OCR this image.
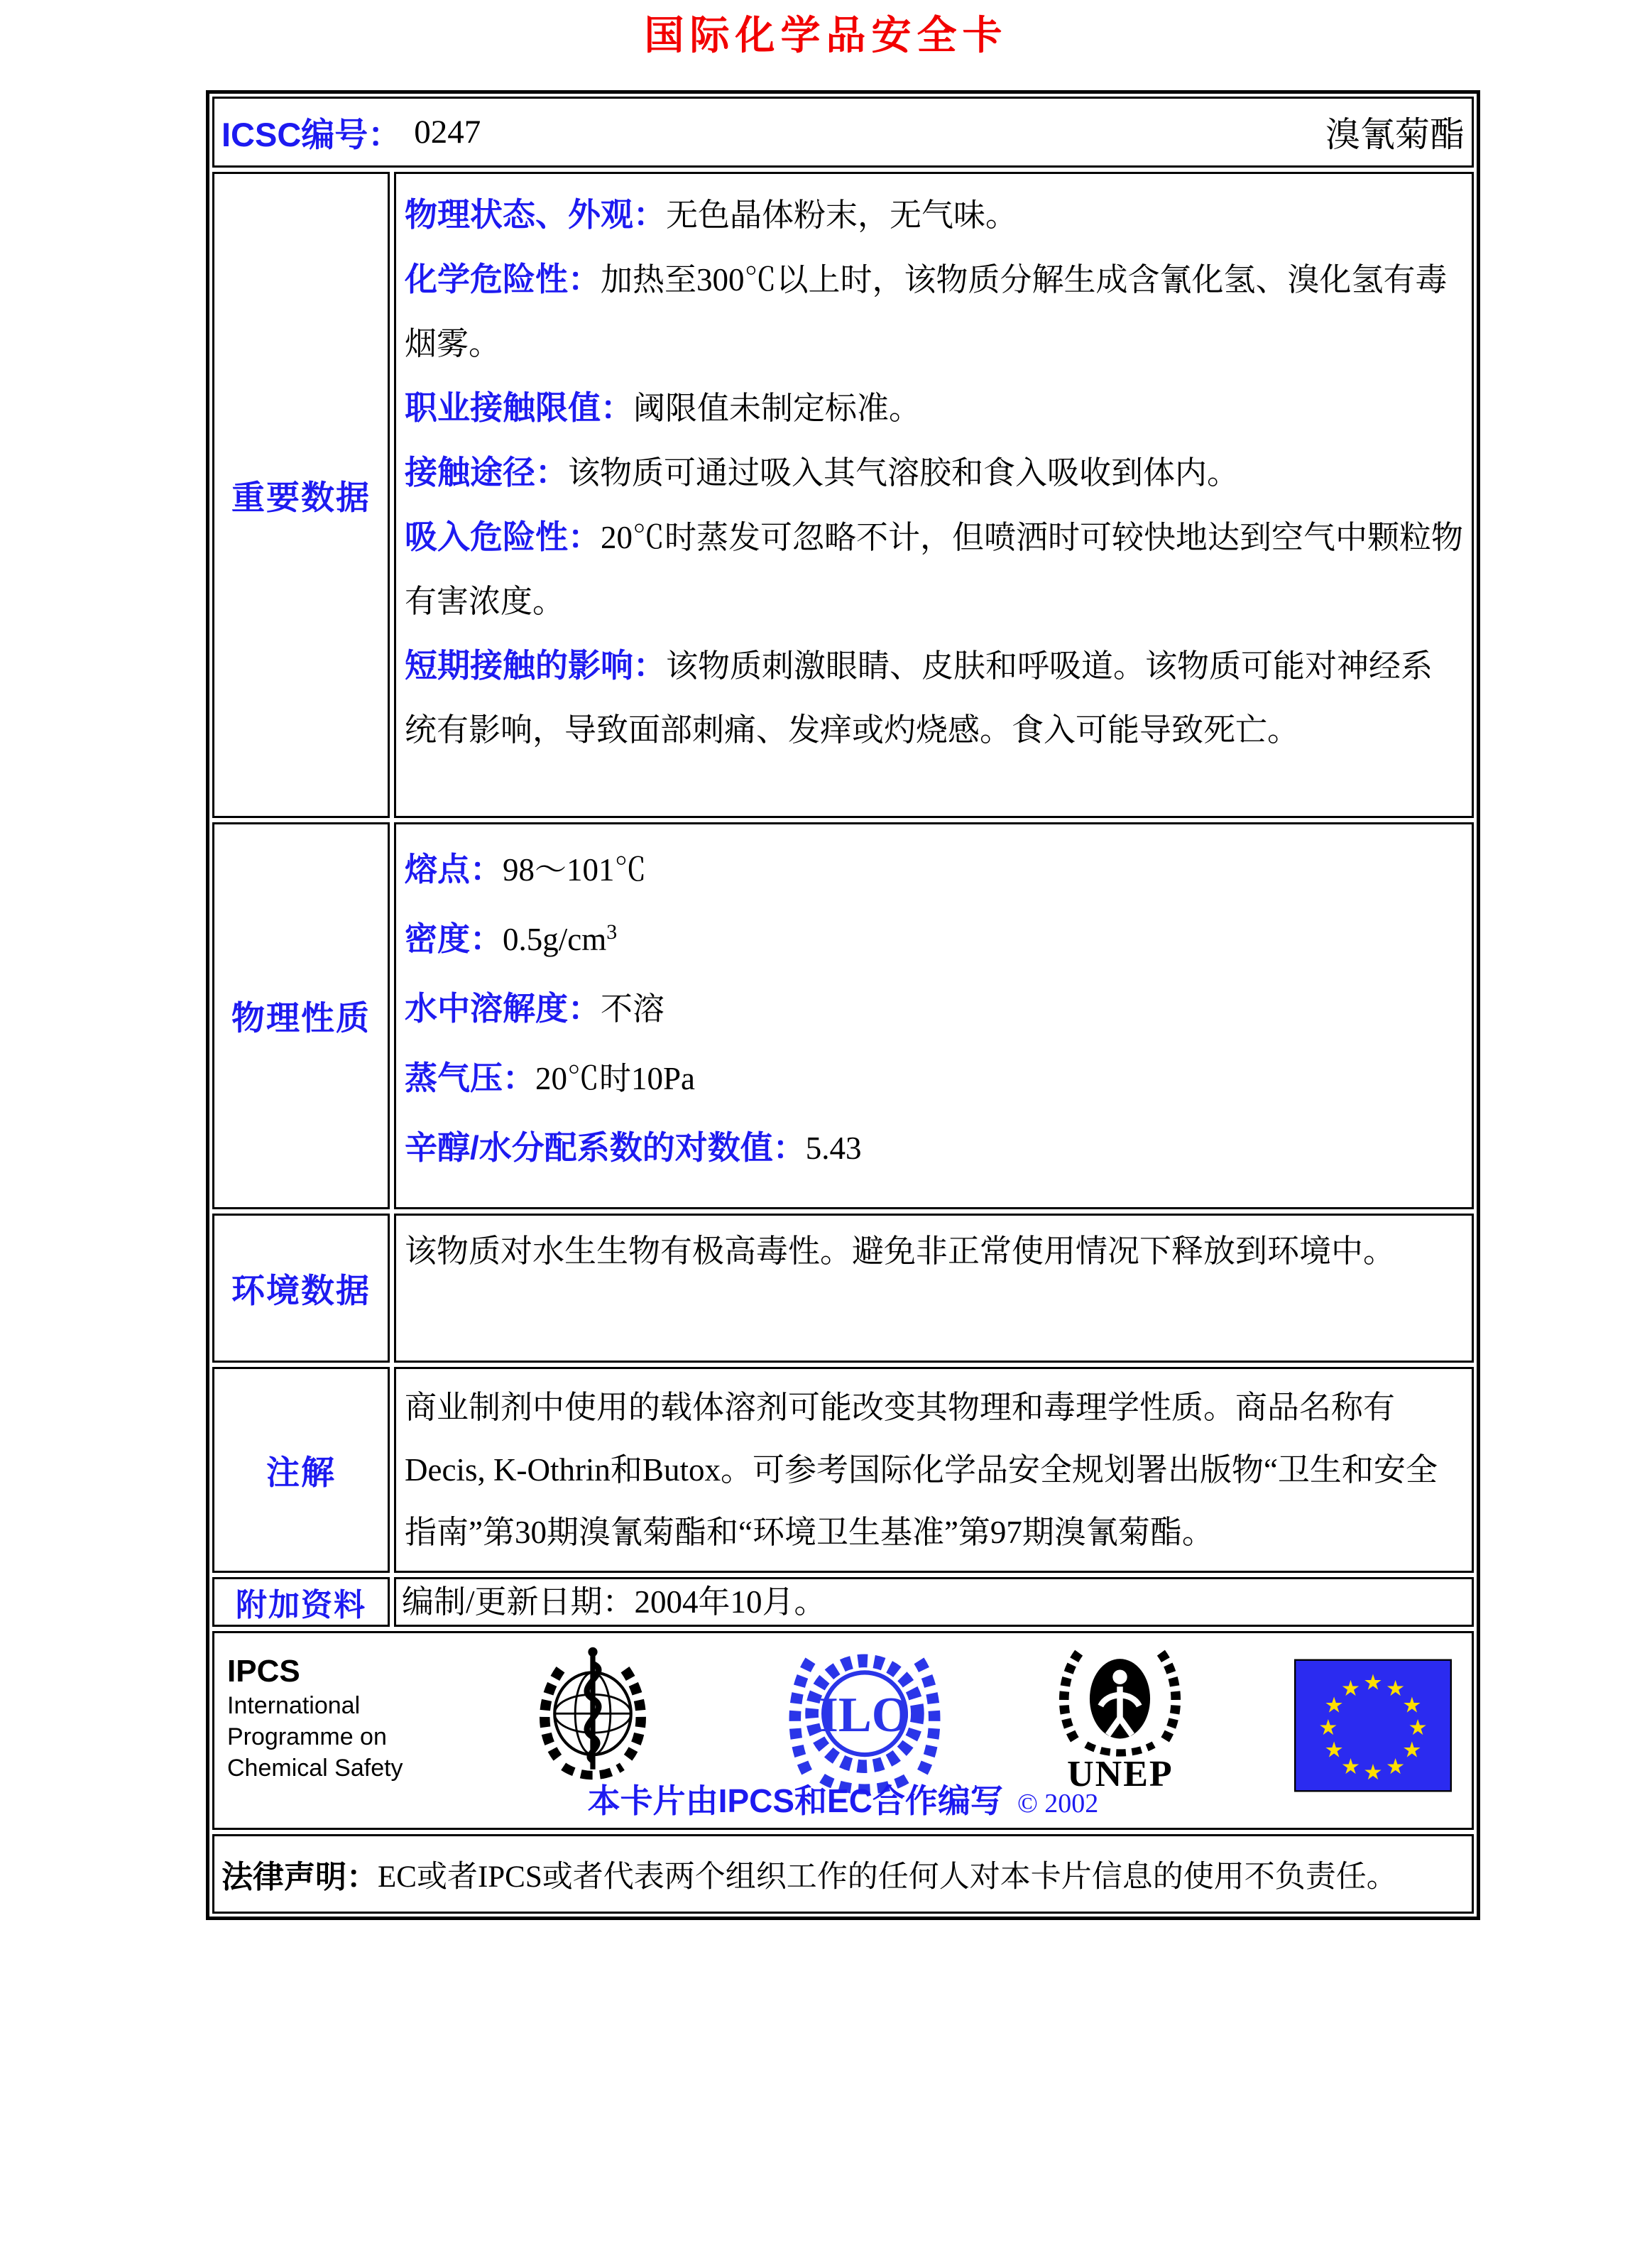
国际化学品安全卡
ICSC编号： 0247	溴氰菊酯
重要数据

物理状态、外观：无色晶体粉末，无气味。

化学危险性：加热至300℃以上时，该物质分解生成含氰化氢、溴化氢有毒烟雾。

职业接触限值：阈限值未制定标准。

接触途径：该物质可通过吸入其气溶胶和食入吸收到体内。

吸入危险性：20℃时蒸发可忽略不计，但喷洒时可较快地达到空气中颗粒物有害浓度。

短期接触的影响：该物质刺激眼睛、皮肤和呼吸道。该物质可能对神经系统有影响，导致面部刺痛、发痒或灼烧感。食入可能导致死亡。

物理性质

熔点：98～101℃

密度：$0.5g/cm^3$

水中溶解度：不溶

蒸气压：20℃时10Pa

辛醇/水分配系数的对数值：5.43

环境数据

该物质对水生生物有极高毒性。避免非正常使用情况下释放到环境中。

注解

商业制剂中使用的载体溶剂可能改变其物理和毒理学性质。商品名称有Decis, K-Othrin和Butox。可参考国际化学品安全规划署出版物“卫生和安全指南”第30期溴氰菊酯和“环境卫生基准”第97期溴氰菊酯。

附加资料	编制/更新日期：2004年10月。

IPCS
International
Programme on
Chemical Safety
ILO
UNEP
★ ★
★
★
★
★
★
★
★
★
★
★
本卡片由IPCS和EC合作编写 © 2002
法律声明： EC或者IPCS或者代表两个组织工作的任何人对本卡片信息的使用不负责任。
